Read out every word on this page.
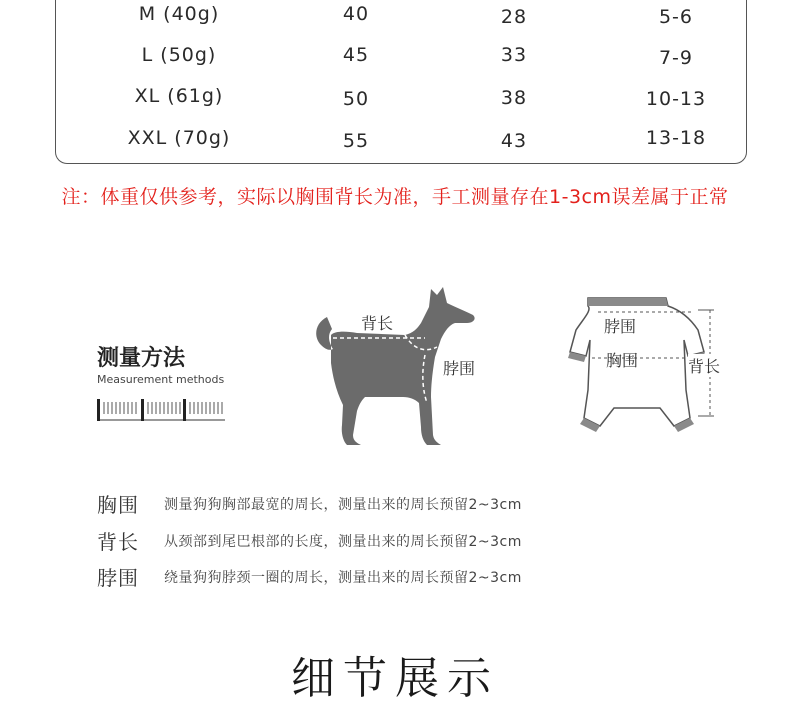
M (40g)	40	28	5-6
L (50g)	45	33	7-9
XL (61g)	50	38	10-13
XXL (70g)	55	43	13-18
注：体重仅供参考，实际以胸围背长为准，手工测量存在1-3cm误差属于正常
测量方法
Measurement methods
背长
脖围
胸围
脖围
胸围	背长
胸围 测量狗狗胸部最宽的周长，测量出来的周长预留2~3cm
背长 从颈部到尾巴根部的长度，测量出来的周长预留2~3cm
脖围 绕量狗狗脖颈一圈的周长，测量出来的周长预留2~3cm
细节展示
